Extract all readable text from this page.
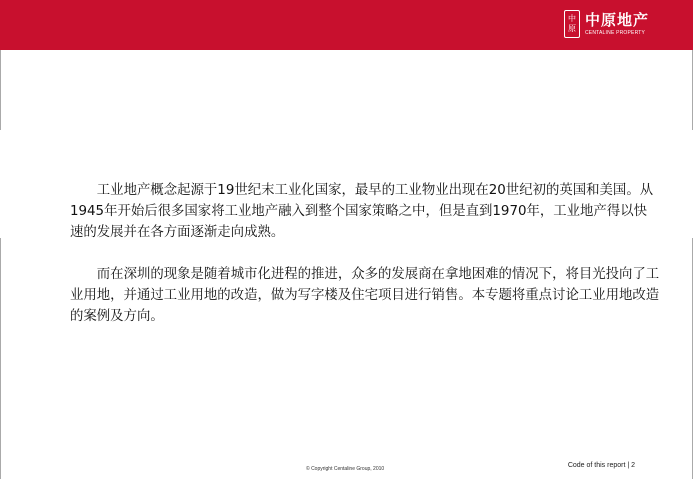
中
原 中原地产
CENTALINE PROPERTY

工业地产概念起源于19世纪末工业化国家，最早的工业物业出现在20世纪初的英国和美国。从1945年开始后很多国家将工业地产融入到整个国家策略之中，但是直到1970年，工业地产得以快速的发展并在各方面逐渐走向成熟。

而在深圳的现象是随着城市化进程的推进，众多的发展商在拿地困难的情况下，将目光投向了工业用地，并通过工业用地的改造，做为写字楼及住宅项目进行销售。本专题将重点讨论工业用地改造的案例及方向。

© Copyright Centaline Group, 2010	Code of this report | 2
